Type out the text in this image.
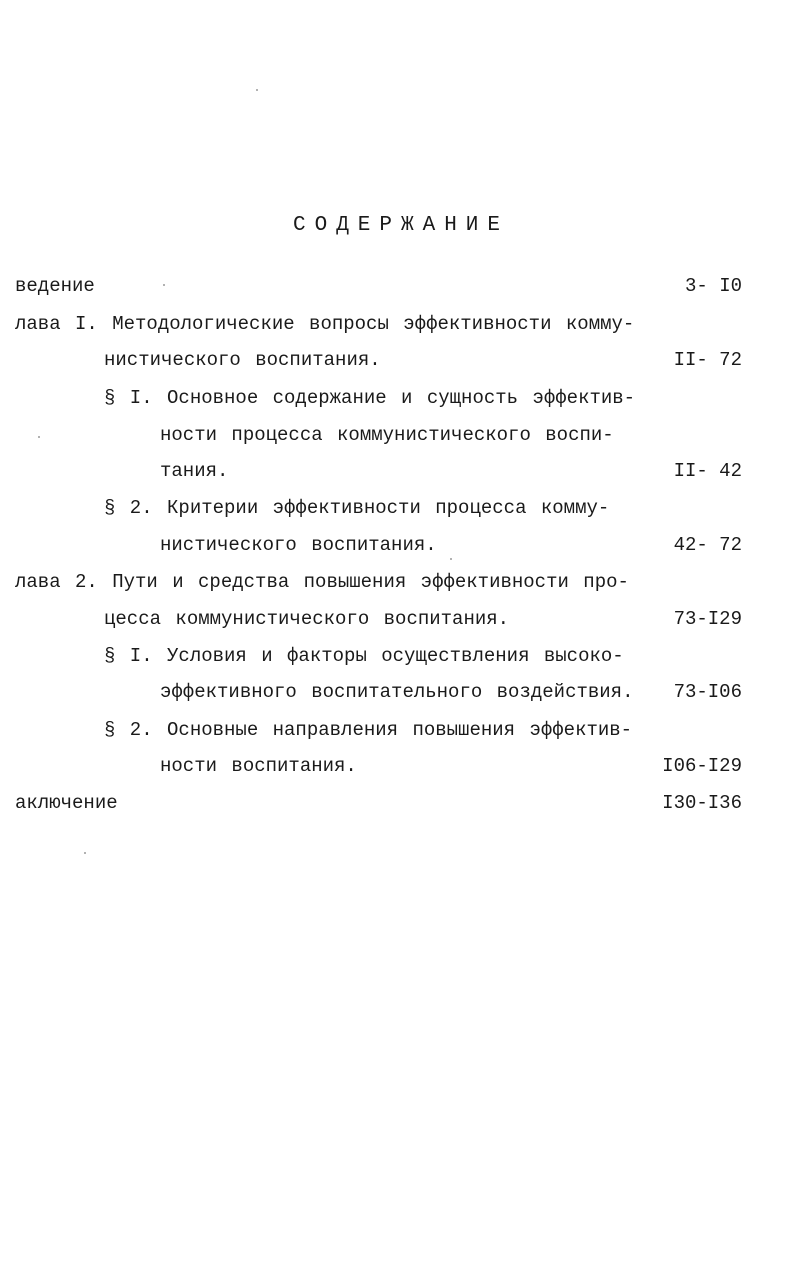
СОДЕРЖАНИЕ
ведение	3- I0
лава I. Методологические вопросы эффективности комму-
нистического воспитания.	II- 72
§ I. Основное содержание и сущность эффектив-
ности процесса коммунистического воспи-
тания.	II- 42
§ 2. Критерии эффективности процесса комму-
нистического воспитания.	42- 72
лава 2. Пути и средства повышения эффективности про-
цесса коммунистического воспитания.	73-I29
§ I. Условия и факторы осуществления высоко-
эффективного воспитательного воздействия. 73-I06
§ 2. Основные направления повышения эффектив-
ности воспитания.	I06-I29
аключение	I30-I36
